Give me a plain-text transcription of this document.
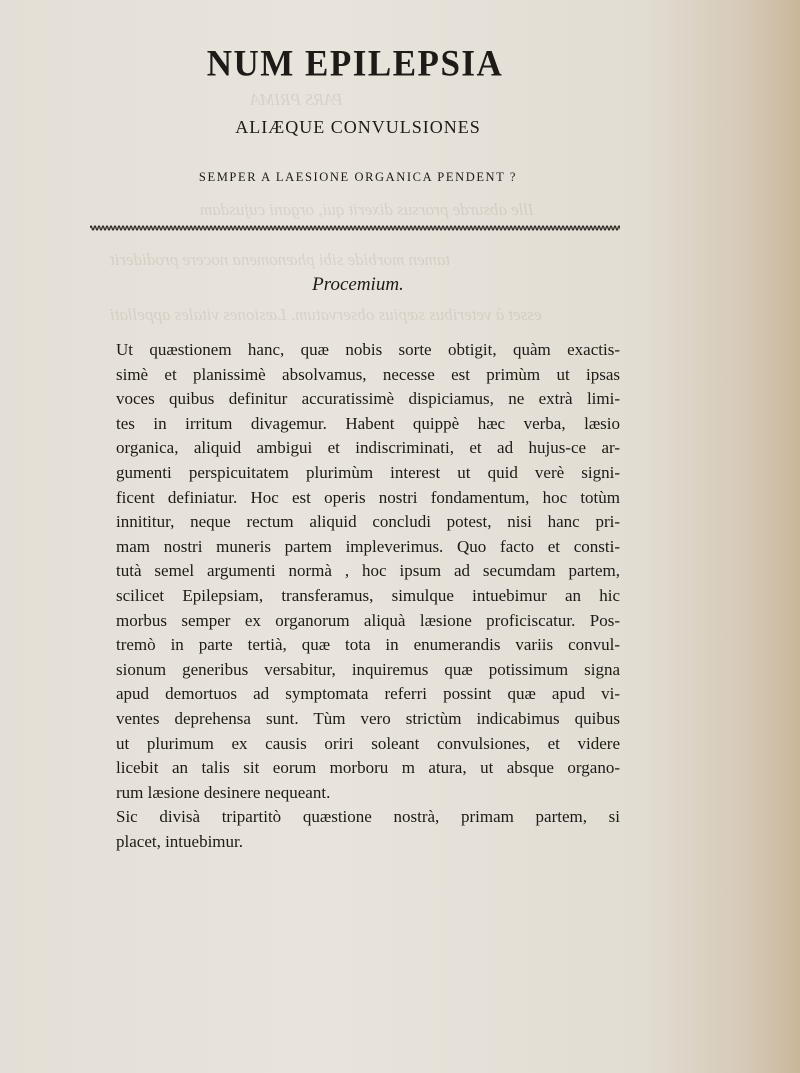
PARS PRIMA
Ille absurde prorsus dixerit qui, organi cujusdam
tamen morbide sibi phænomena nocere prodiderit
esset à veteribus sæpius observatum. Læsiones vitales appellati
NUM EPILEPSIA
ALIÆQUE CONVULSIONES
SEMPER A LAESIONE ORGANICA PENDENT ?
Procemium.

Ut quæstionem hanc, quæ nobis sorte obtigit, quàm exactis-
simè et planissimè absolvamus, necesse est primùm ut ipsas
voces quibus definitur accuratissimè dispiciamus, ne extrà limi-
tes in irritum divagemur. Habent quippè hæc verba, læsio
organica, aliquid ambigui et indiscriminati, et ad hujus-ce ar-
gumenti perspicuitatem plurimùm interest ut quid verè signi-
ficent definiatur. Hoc est operis nostri fondamentum, hoc totùm
innititur, neque rectum aliquid concludi potest, nisi hanc pri-
mam nostri muneris partem impleverimus. Quo facto et consti-
tutà semel argumenti normà , hoc ipsum ad secumdam partem,
scilicet Epilepsiam, transferamus, simulque intuebimur an hic
morbus semper ex organorum aliquà læsione proficiscatur. Pos-
tremò in parte tertià, quæ tota in enumerandis variis convul-
sionum generibus versabitur, inquiremus quæ potissimum signa
apud demortuos ad symptomata referri possint quæ apud vi-
ventes deprehensa sunt. Tùm vero strictùm indicabimus quibus
ut plurimum ex causis oriri soleant convulsiones, et videre
licebit an talis sit eorum morboru m atura, ut absque organo-
rum læsione desinere nequeant.

Sic divisà tripartitò quæstione nostrà, primam partem, si
placet, intuebimur.
